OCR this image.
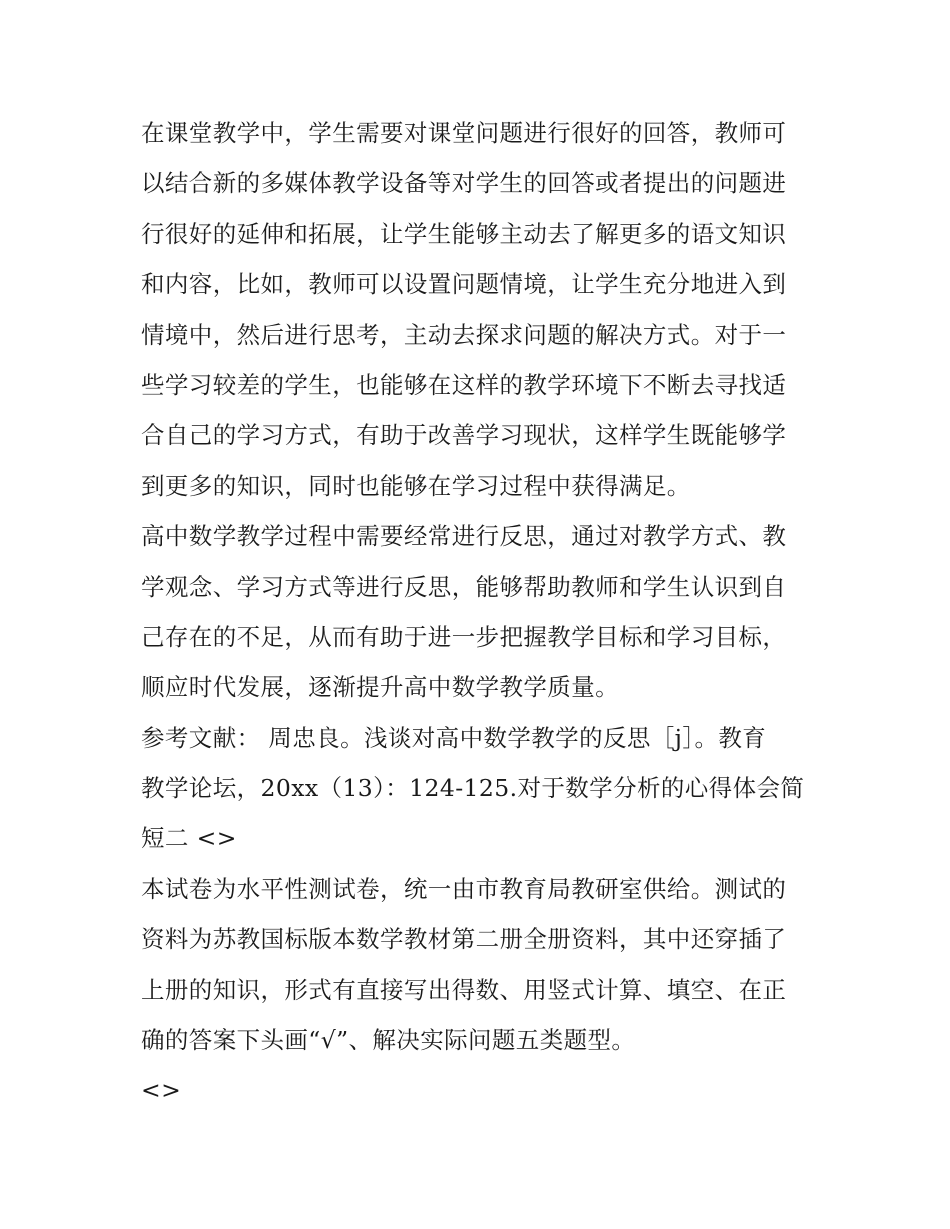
在课堂教学中，学生需要对课堂问题进行很好的回答，教师可
以结合新的多媒体教学设备等对学生的回答或者提出的问题进
行很好的延伸和拓展，让学生能够主动去了解更多的语文知识
和内容，比如，教师可以设置问题情境，让学生充分地进入到
情境中，然后进行思考，主动去探求问题的解决方式。对于一
些学习较差的学生，也能够在这样的教学环境下不断去寻找适
合自己的学习方式，有助于改善学习现状，这样学生既能够学
到更多的知识，同时也能够在学习过程中获得满足。
高中数学教学过程中需要经常进行反思，通过对教学方式、教
学观念、学习方式等进行反思，能够帮助教师和学生认识到自
己存在的不足，从而有助于进一步把握教学目标和学习目标，
顺应时代发展，逐渐提升高中数学教学质量。
参考文献： 周忠良。浅谈对高中数学教学的反思［j］。教育
教学论坛，20xx（13）：124-125.对于数学分析的心得体会简
短二 <>
本试卷为水平性测试卷，统一由市教育局教研室供给。测试的
资料为苏教国标版本数学教材第二册全册资料，其中还穿插了
上册的知识，形式有直接写出得数、用竖式计算、填空、在正
确的答案下头画“√”、解决实际问题五类题型。
<>
